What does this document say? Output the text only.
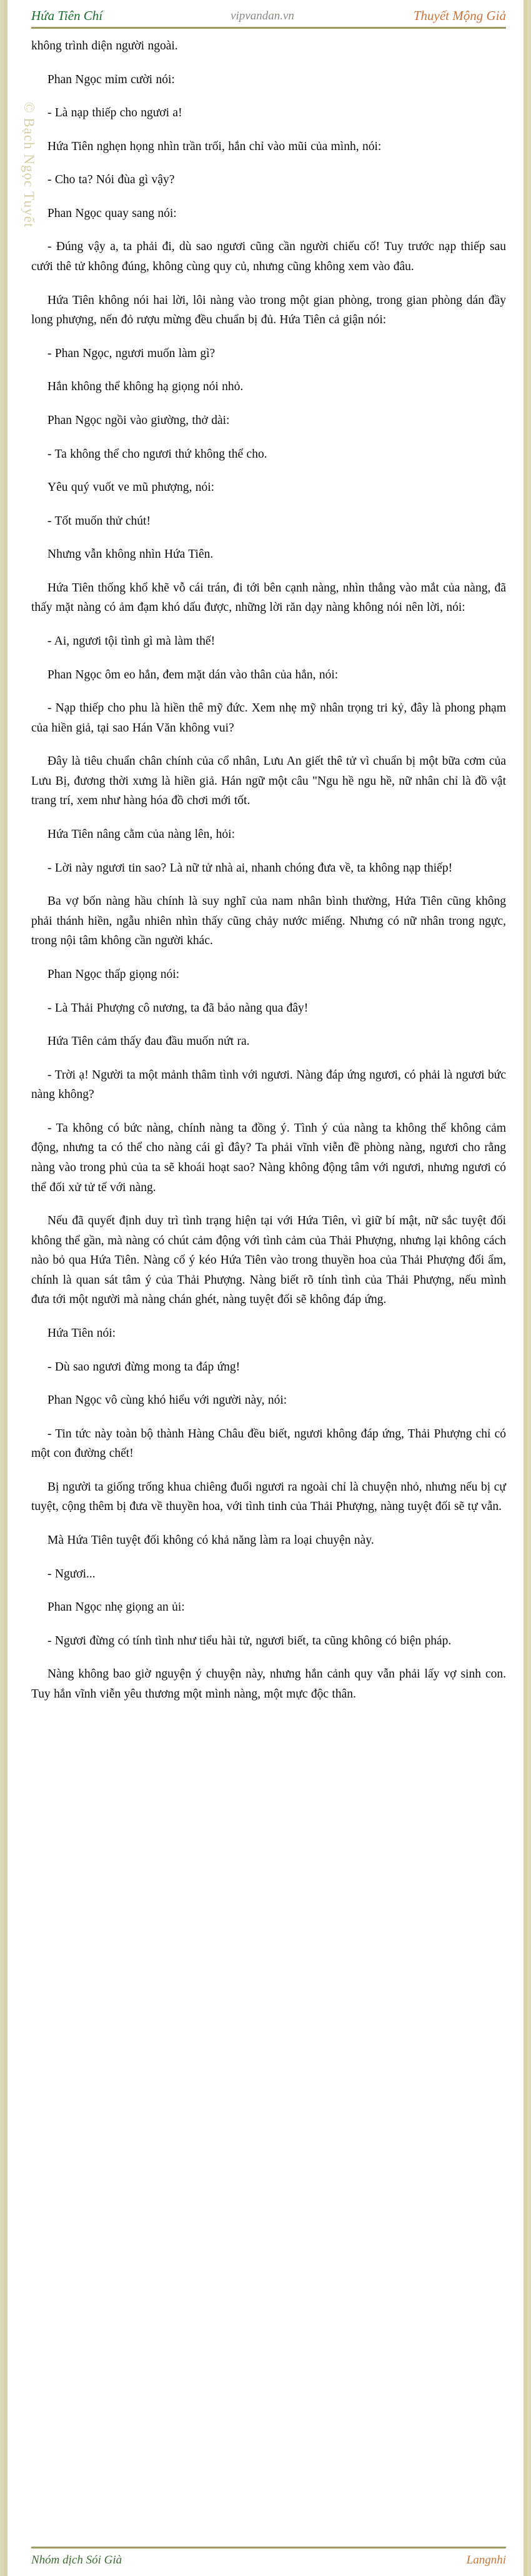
© Bạch Ngọc Tuyết
Hứa Tiên Chí	vipvandan.vn	Thuyết Mộng Giả

không trình diện người ngoài.

Phan Ngọc mỉm cười nói:

- Là nạp thiếp cho ngươi a!

Hứa Tiên nghẹn họng nhìn trần trối, hắn chỉ vào mũi của mình, nói:

- Cho ta? Nói đùa gì vậy?

Phan Ngọc quay sang nói:

- Đúng vậy a, ta phải đi, dù sao ngươi cũng cần người chiếu cố! Tuy trước nạp thiếp sau cưới thê tử không đúng, không cùng quy củ, nhưng cũng không xem vào đâu.

Hứa Tiên không nói hai lời, lôi nàng vào trong một gian phòng, trong gian phòng dán đầy long phượng, nến đỏ rượu mừng đều chuẩn bị đủ. Hứa Tiên cả giận nói:

- Phan Ngọc, ngươi muốn làm gì?

Hắn không thể không hạ giọng nói nhỏ.

Phan Ngọc ngồi vào giường, thở dài:

- Ta không thể cho ngươi thứ không thể cho.

Yêu quý vuốt ve mũ phượng, nói:

- Tốt muốn thử chút!

Nhưng vẫn không nhìn Hứa Tiên.

Hứa Tiên thống khổ khẽ vỗ cái trán, đi tới bên cạnh nàng, nhìn thẳng vào mắt của nàng, đã thấy mặt nàng có ảm đạm khó dấu được, những lời răn dạy nàng không nói nên lời, nói:

- Ai, ngươi tội tình gì mà làm thế!

Phan Ngọc ôm eo hắn, đem mặt dán vào thân của hắn, nói:

- Nạp thiếp cho phu là hiền thê mỹ đức. Xem nhẹ mỹ nhân trọng tri kỷ, đây là phong phạm của hiền giả, tại sao Hán Văn không vui?

Đây là tiêu chuẩn chân chính của cổ nhân, Lưu An giết thê tử vì chuẩn bị một bữa cơm của Lưu Bị, đương thời xưng là hiền giả. Hán ngữ một câu "Ngu hề ngu hề, nữ nhân chỉ là đồ vật trang trí, xem như hàng hóa đồ chơi mới tốt.

Hứa Tiên nâng cằm của nàng lên, hỏi:

- Lời này ngươi tin sao? Là nữ tử nhà ai, nhanh chóng đưa về, ta không nạp thiếp!

Ba vợ bốn nàng hầu chính là suy nghĩ của nam nhân bình thường, Hứa Tiên cũng không phải thánh hiền, ngẫu nhiên nhìn thấy cũng chảy nước miếng. Nhưng có nữ nhân trong ngực, trong nội tâm không cần người khác.

Phan Ngọc thấp giọng nói:

- Là Thải Phượng cô nương, ta đã bảo nàng qua đây!

Hứa Tiên cảm thấy đau đầu muốn nứt ra.

- Trời ạ! Người ta một mảnh thâm tình với ngươi. Nàng đáp ứng ngươi, có phải là ngươi bức nàng không?

- Ta không có bức nàng, chính nàng ta đồng ý. Tình ý của nàng ta không thể không cảm động, nhưng ta có thể cho nàng cái gì đây? Ta phải vĩnh viễn đề phòng nàng, ngươi cho rằng nàng vào trong phủ của ta sẽ khoái hoạt sao? Nàng không động tâm với ngươi, nhưng ngươi có thể đối xử tử tế với nàng.

Nếu đã quyết định duy trì tình trạng hiện tại với Hứa Tiên, vì giữ bí mật, nữ sắc tuyệt đối không thể gần, mà nàng có chút cảm động với tình cảm của Thải Phượng, nhưng lại không cách nào bỏ qua Hứa Tiên. Nàng cố ý kéo Hứa Tiên vào trong thuyền hoa của Thải Phượng đối ẩm, chính là quan sát tâm ý của Thải Phượng. Nàng biết rõ tính tình của Thải Phượng, nếu mình đưa tới một người mà nàng chán ghét, nàng tuyệt đối sẽ không đáp ứng.

Hứa Tiên nói:

- Dù sao ngươi đừng mong ta đáp ứng!

Phan Ngọc vô cùng khó hiểu với người này, nói:

- Tin tức này toàn bộ thành Hàng Châu đều biết, ngươi không đáp ứng, Thải Phượng chỉ có một con đường chết!

Bị người ta giống trống khua chiêng đuổi ngươi ra ngoài chỉ là chuyện nhỏ, nhưng nếu bị cự tuyệt, cộng thêm bị đưa về thuyền hoa, với tình tinh của Thải Phượng, nàng tuyệt đối sẽ tự vẫn.

Mà Hứa Tiên tuyệt đối không có khả năng làm ra loại chuyện này.

- Ngươi...

Phan Ngọc nhẹ giọng an ủi:

- Ngươi đừng có tính tình như tiểu hài tử, ngươi biết, ta cũng không có biện pháp.

Nàng không bao giờ nguyện ý chuyện này, nhưng hắn cảnh quy vẫn phải lấy vợ sinh con. Tuy hắn vĩnh viễn yêu thương một mình nàng, một mực độc thân.

Nhóm dịch Sói Già	Langnhi
